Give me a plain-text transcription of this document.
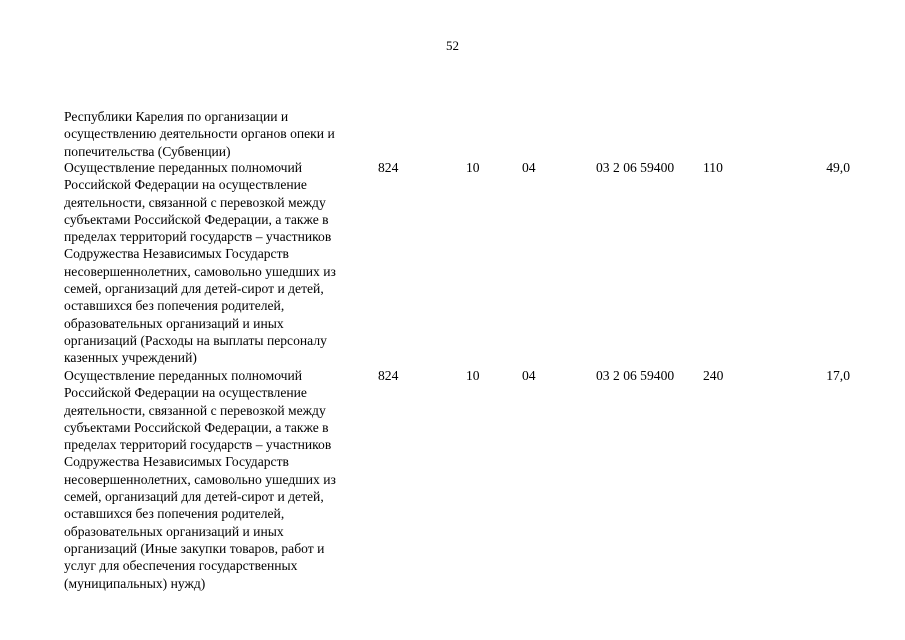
52
Республики Карелия по организации и
осуществлению деятельности органов опеки и
попечительства (Субвенции)
Осуществление переданных полномочий
Российской Федерации на осуществление
деятельности, связанной с перевозкой между
субъектами Российской Федерации, а также в
пределах территорий государств – участников
Содружества Независимых Государств
несовершеннолетних, самовольно ушедших из
семей, организаций для детей-сирот и детей,
оставшихся без попечения родителей,
образовательных организаций и иных
организаций (Расходы на выплаты персоналу
казенных учреждений)
824	10	04	03 2 06 59400 110	49,0
Осуществление переданных полномочий
Российской Федерации на осуществление
деятельности, связанной с перевозкой между
субъектами Российской Федерации, а также в
пределах территорий государств – участников
Содружества Независимых Государств
несовершеннолетних, самовольно ушедших из
семей, организаций для детей-сирот и детей,
оставшихся без попечения родителей,
образовательных организаций и иных
организаций (Иные закупки товаров, работ и
услуг для обеспечения государственных
(муниципальных) нужд)
824	10	04	03 2 06 59400 240	17,0
